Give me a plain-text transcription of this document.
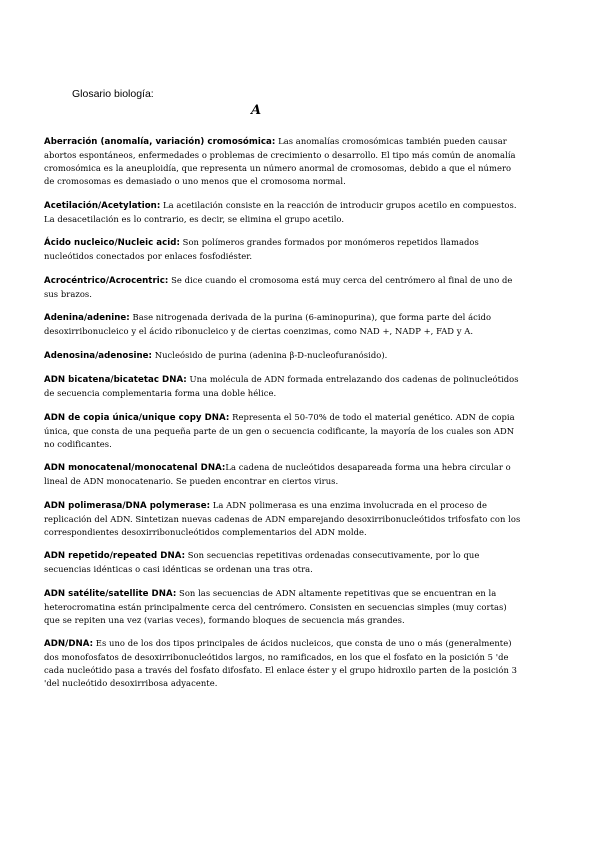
Glosario biología:

A

Aberración (anomalía, variación) cromosómica: Las anomalías cromosómicas también pueden causar abortos espontáneos, enfermedades o problemas de crecimiento o desarrollo. El tipo más común de anomalía cromosómica es la aneuploidía, que representa un número anormal de cromosomas, debido a que el número de cromosomas es demasiado o uno menos que el cromosoma normal.

Acetilación/Acetylation: La acetilación consiste en la reacción de introducir grupos acetilo en compuestos. La desacetilación es lo contrario, es decir, se elimina el grupo acetilo.

Ácido nucleico/Nucleic acid: Son polímeros grandes formados por monómeros repetidos llamados nucleótidos conectados por enlaces fosfodiéster.

Acrocéntrico/Acrocentric: Se dice cuando el cromosoma está muy cerca del centrómero al final de uno de sus brazos.

Adenina/adenine: Base nitrogenada derivada de la purina (6-aminopurina), que forma parte del ácido desoxirribonucleico y el ácido ribonucleico y de ciertas coenzimas, como NAD +, NADP +, FAD y A.

Adenosina/adenosine: Nucleósido de purina (adenina β-D-nucleofuranósido).

ADN bicatena/bicatetac DNA: Una molécula de ADN formada entrelazando dos cadenas de polinucleótidos de secuencia complementaria forma una doble hélice.

ADN de copia única/unique copy DNA: Representa el 50-70% de todo el material genético. ADN de copia única, que consta de una pequeña parte de un gen o secuencia codificante, la mayoría de los cuales son ADN no codificantes.

ADN monocatenal/monocatenal DNA:La cadena de nucleótidos desapareada forma una hebra circular o lineal de ADN monocatenario. Se pueden encontrar en ciertos virus.

ADN polimerasa/DNA polymerase: La ADN polimerasa es una enzima involucrada en el proceso de replicación del ADN. Sintetizan nuevas cadenas de ADN emparejando desoxirribonucleótidos trifosfato con los correspondientes desoxirribonucleótidos complementarios del ADN molde.

ADN repetido/repeated DNA: Son secuencias repetitivas ordenadas consecutivamente, por lo que secuencias idénticas o casi idénticas se ordenan una tras otra.

ADN satélite/satellite DNA: Son las secuencias de ADN altamente repetitivas que se encuentran en la heterocromatina están principalmente cerca del centrómero. Consisten en secuencias simples (muy cortas) que se repiten una vez (varias veces), formando bloques de secuencia más grandes.

ADN/DNA: Es uno de los dos tipos principales de ácidos nucleicos, que consta de uno o más (generalmente) dos monofosfatos de desoxirribonucleótidos largos, no ramificados, en los que el fosfato en la posición 5 'de cada nucleótido pasa a través del fosfato difosfato. El enlace éster y el grupo hidroxilo parten de la posición 3 'del nucleótido desoxirribosa adyacente.
